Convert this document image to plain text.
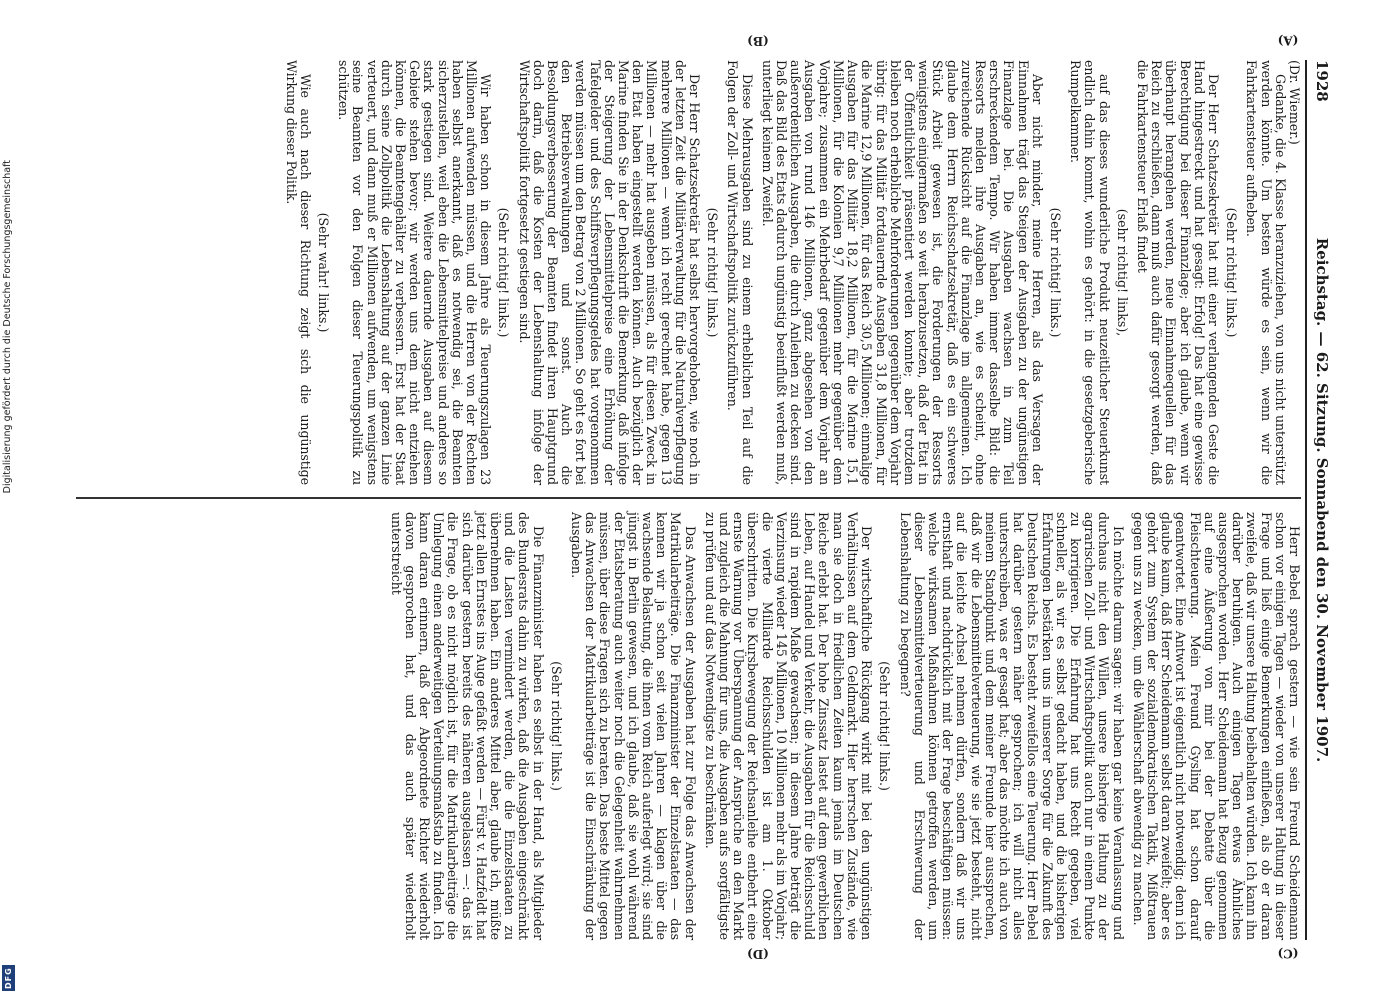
1928
Reichstag. — 62. Sitzung. Sonnabend den 30. November 1907.

(Dr. Wiemer.)

Gedanke, die 4. Klasse heranzuziehen, von uns nicht unterstützt werden könnte. Um besten würde es sein, wenn wir die Fahrkartensteuer aufheben.

(Sehr richtig! links.)

Der Herr Schatzsekretär hat mit einer verlangenden Geste die Hand hingestreckt und hat gesagt: Erfolg! Das hat eine gewisse Berechtigung bei dieser Finanzlage; aber ich glaube, wenn wir überhaupt herangehen werden, neue Einnahmequellen für das Reich zu erschließen, dann muß auch dafür gesorgt werden, daß die Fahrkartensteuer Erlaß findet

(sehr richtig! links),

auf das dieses wunderliche Produkt neuzeitlicher Steuerkunst endlich dahin kommt, wohin es gehört: in die gesetzgeberische Rumpelkammer.

(Sehr richtig! links.)

Aber nicht minder, meine Herren, als das Versagen der Einnahmen trägt das Steigen der Ausgaben zu der ungünstigen Finanzlage bei. Die Ausgaben wachsen in zum Teil erschreckendem Tempo. Wir haben immer dasselbe Bild: die Ressorts melden ihre Ausgaben an, wie es scheint, ohne zureichende Rücksicht auf die Finanzlage im allgemeinen. Ich glaube dem Herrn Reichsschatzsekretär, daß es ein schweres Stück Arbeit gewesen ist, die Forderungen der Ressorts wenigstens einigermaßen so weit herabzusetzen, daß der Etat in der Öffentlichkeit präsentiert werden konnte; aber trotzdem bleiben noch erhebliche Mehrforderungen gegenüber dem Vorjahr übrig: für das Militär fortdauernde Ausgaben 31,8 Millionen, für die Marine 12,9 Millionen, für das Reich 30,5 Millionen; einmalige Ausgaben für das Militär 18,2 Millionen, für die Marine 15,1 Millionen, für die Kolonien 9,7 Millionen mehr gegenüber dem Vorjahre; zusammen ein Mehrbedarf gegenüber dem Vorjahr an Ausgaben von rund 146 Millionen, ganz abgesehen von den außerordentlichen Ausgaben, die durch Anleihen zu decken sind. Daß das Bild des Etats dadurch ungünstig beeinflußt werden muß, unterliegt keinem Zweifel.

Diese Mehrausgaben sind zu einem erheblichen Teil auf die Folgen der Zoll- und Wirtschaftspolitik zurückzuführen.

(Sehr richtig! links.)

Der Herr Schatzsekretär hat selbst hervorgehoben, wie noch in der letzten Zeit die Militärverwaltung für die Naturalverpflegung mehrere Millionen — wenn ich recht gerechnet habe, gegen 13 Millionen — mehr hat ausgeben müssen, als für diesen Zweck in den Etat haben eingestellt werden können. Auch bezüglich der Marine finden Sie in der Denkschrift die Bemerkung, daß infolge der Steigerung der Lebensmittelpreise eine Erhöhung der Tafelgelder und des Schiffsverpflegungsgeldes hat vorgenommen werden müssen um den Betrag von 2 Millionen. So geht es fort bei den Betriebsverwaltungen und sonst. Auch die Besoldungsverbesserung der Beamten findet ihren Hauptgrund doch darin, daß die Kosten der Lebenshaltung infolge der Wirtschaftspolitik fortgesetzt gestiegen sind.

(Sehr richtig! links.)

Wir haben schon in diesem Jahre als Teuerungszulagen 23 Millionen aufwenden müssen, und die Herren von der Rechten haben selbst anerkannt, daß es notwendig sei, die Beamten sicherzustellen, weil eben die Lebensmittelpreise und anderes so stark gestiegen sind. Weitere dauernde Ausgaben auf diesem Gebiete stehen bevor; wir werden uns dem nicht entziehen können, die Beamtengehälter zu verbessern. Erst hat der Staat durch seine Zollpolitik die Lebenshaltung auf der ganzen Linie verteuert, und dann muß er Millionen aufwenden, um wenigstens seine Beamten vor den Folgen dieser Teuerungspolitik zu schützen.

(Sehr wahr! links.)

Wie auch nach dieser Richtung zeigt sich die ungünstige Wirkung dieser Politik.

Herr Bebel sprach gestern — wie sein Freund Scheidemann schon vor einigen Tagen — wieder von unserer Haltung in dieser Frage und ließ einige Bemerkungen einfließen, als ob er daran zweifele, daß wir unsere Haltung beibehalten würden. Ich kann ihn darüber beruhigen. Auch einigen Tagen etwas Ähnliches ausgesprochen worden. Herr Scheidemann hat Bezug genommen auf eine Äußerung von mir bei der Debatte über die Fleischteuerung. Mein Freund Gysling hat schon darauf geantwortet. Eine Antwort ist eigentlich nicht notwendig; denn ich glaube kaum, daß Herr Scheidemann selbst daran zweifelt; aber es gehört zum System der sozialdemokratischen Taktik, Mißtrauen gegen uns zu wecken, um die Wählerschaft abwendig zu machen.

Ich möchte darum sagen: wir haben gar keine Veranlassung und durchaus nicht den Willen, unsere bisherige Haltung zu der agrarischen Zoll- und Wirtschaftspolitik auch nur in einem Punkte zu korrigieren. Die Erfahrung hat uns Recht gegeben, viel schneller, als wir es selbst gedacht haben, und die bisherigen Erfahrungen bestärken uns in unserer Sorge für die Zukunft des Deutschen Reichs. Es besteht zweifellos eine Teuerung. Herr Bebel hat darüber gestern näher gesprochen; ich will nicht alles unterschreiben, was er gesagt hat; aber das möchte ich auch von meinem Standpunkt und dem meiner Freunde hier aussprechen, daß wir die Lebensmittelverteuerung, wie sie jetzt besteht, nicht auf die leichte Achsel nehmen dürfen, sondern daß wir uns ernsthaft und nachdrücklich mit der Frage beschäftigen müssen: welche wirksamen Maßnahmen können getroffen werden, um dieser Lebensmittelverteuerung und Erschwerung der Lebenshaltung zu begegnen?

(Sehr richtig! links.)

Der wirtschaftliche Rückgang wirkt mit bei den ungünstigen Verhältnissen auf dem Geldmarkt. Hier herrschen Zustände, wie man sie doch in friedlichen Zeiten kaum jemals im Deutschen Reiche erlebt hat. Der hohe Zinssatz lastet auf dem gewerblichen Leben, auf Handel und Verkehr, die Ausgaben für die Reichsschuld sind in rapidem Maße gewachsen; in diesem Jahre beträgt die Verzinsung wieder 145 Millionen, 10 Millionen mehr als im Vorjahr; die vierte Milliarde Reichsschulden ist am 1. Oktober überschritten. Die Kursbewegung der Reichsanleihe entbehrt eine ernste Warnung vor Überspannung der Ansprüche an den Markt und zugleich die Mahnung für uns, die Ausgaben aufs sorgfältigste zu prüfen und auf das Notwendigste zu beschränken.

Das Anwachsen der Ausgaben hat zur Folge das Anwachsen der Matrikularbeiträge. Die Finanzminister der Einzelstaaten — das kennen wir ja schon seit vielen Jahren — klagen über die wachsende Belastung, die ihnen vom Reich auferlegt wird; sie sind jüngst in Berlin gewesen, und ich glaube, daß sie wohl während der Etatsberatung auch weiter noch die Gelegenheit wahrnehmen müssen, über diese Fragen sich zu beraten. Das beste Mittel gegen das Anwachsen der Matrikularbeiträge ist die Einschränkung der Ausgaben.

(Sehr richtig! links.)

Die Finanzminister haben es selbst in der Hand, als Mitglieder des Bundesrats dahin zu wirken, daß die Ausgaben eingeschränkt und die Lasten vermindert werden, die die Einzelstaaten zu übernehmen haben. Ein anderes Mittel aber, glaube ich, müßte jetzt allen Ernstes ins Auge gefaßt werden — Fürst v. Hatzfeldt hat sich darüber gestern bereits des näheren ausgelassen —: das ist die Frage, ob es nicht möglich ist, für die Matrikularbeiträge die Umlegung einen anderweitigen Verteilungsmaßstab zu finden. Ich kann daran erinnern, daß der Abgeordnete Richter wiederholt davon gesprochen hat, und das auch später wiederholt unterstreicht

(A)
(B)
(C)
(D)
Digitalisierung gefördert durch die Deutsche Forschungsgemeinschaft
DFG
